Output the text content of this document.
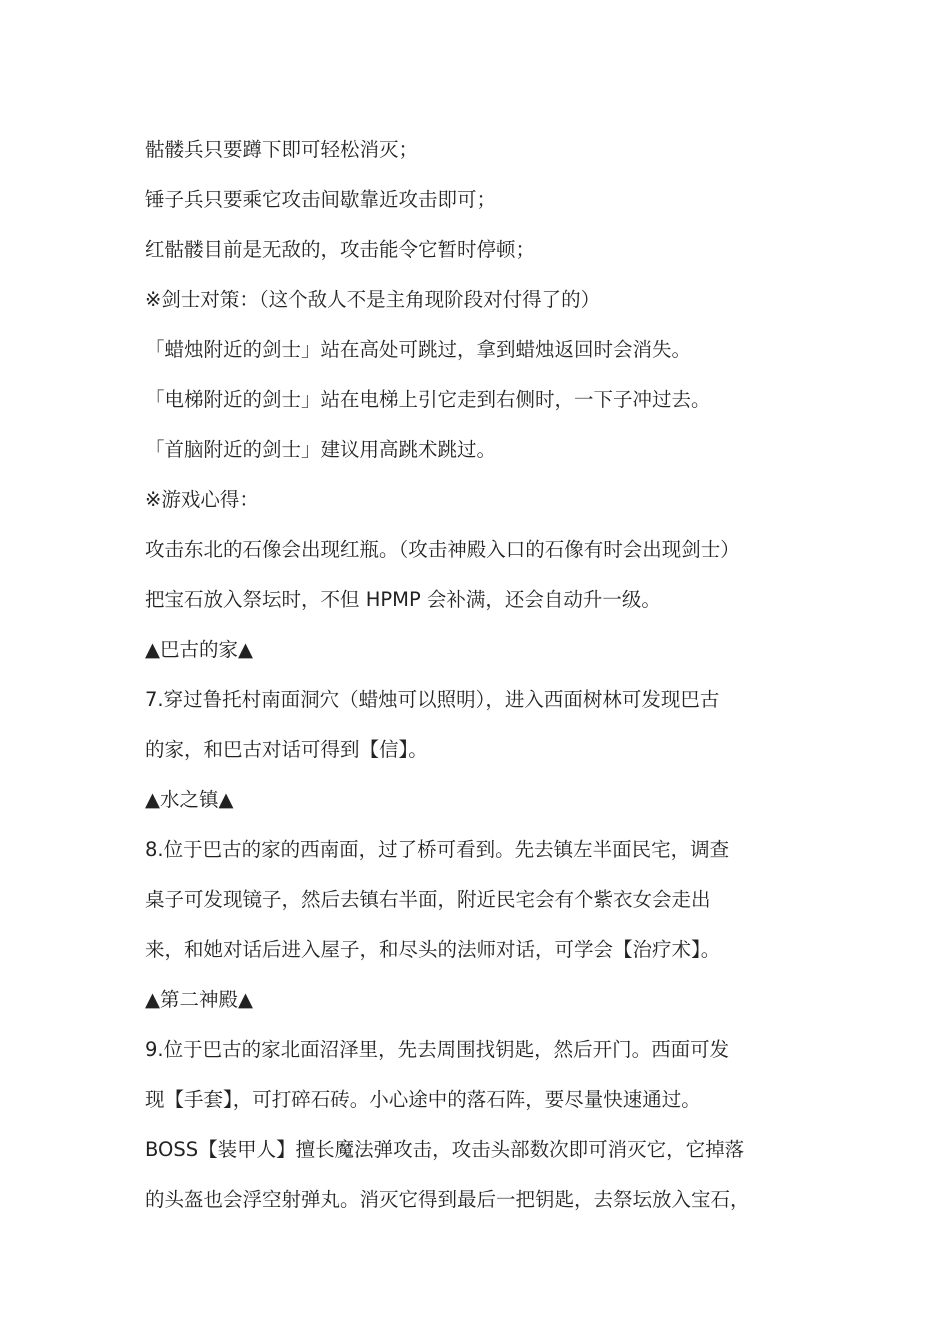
骷髅兵只要蹲下即可轻松消灭；
锤子兵只要乘它攻击间歇靠近攻击即可；
红骷髅目前是无敌的，攻击能令它暂时停顿；
※剑士对策：（这个敌人不是主角现阶段对付得了的）
「蜡烛附近的剑士」站在高处可跳过，拿到蜡烛返回时会消失。
「电梯附近的剑士」站在电梯上引它走到右侧时，一下子冲过去。
「首脑附近的剑士」建议用高跳术跳过。
※游戏心得：
攻击东北的石像会出现红瓶。（攻击神殿入口的石像有时会出现剑士）
把宝石放入祭坛时，不但 HPMP 会补满，还会自动升一级。
▲巴古的家▲
7.穿过鲁托村南面洞穴（蜡烛可以照明），进入西面树林可发现巴古
的家，和巴古对话可得到【信】。
▲水之镇▲
8.位于巴古的家的西南面，过了桥可看到。先去镇左半面民宅，调查
桌子可发现镜子，然后去镇右半面，附近民宅会有个紫衣女会走出
来，和她对话后进入屋子，和尽头的法师对话，可学会【治疗术】。
▲第二神殿▲
9.位于巴古的家北面沼泽里，先去周围找钥匙，然后开门。西面可发
现【手套】，可打碎石砖。小心途中的落石阵，要尽量快速通过。
BOSS【装甲人】擅长魔法弹攻击，攻击头部数次即可消灭它，它掉落
的头盔也会浮空射弹丸。消灭它得到最后一把钥匙，去祭坛放入宝石，
